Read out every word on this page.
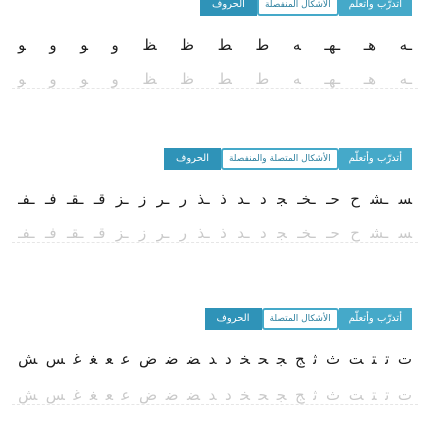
أتدرّب وأتعلّم
الأشكال المنفصلة
الحروف
ـﻪ
ﻫـ
ـﻬـ
ﻪ
ﻁ
ﻂ
ﻅ
ﻆ
ﻭ
ﻮ
ﻭ
ﻮ
ـﻪ
ﻫـ
ـﻬـ
ﻪ
ﻁ
ﻂ
ﻅ
ﻆ
ﻭ
ﻮ
ﻭ
ﻮ
أتدرّب وأتعلّم
الأشكال المتصلة والمنفصلة
الحروف
ﺴ
ـﺸ
ﺡ
ﺣـ
ـﺨـ
ﺠ
ﺩ
ـﺪ
ﺫ
ـﺬ
ﺭ
ـﺮ
ﺯ
ـﺰ
ﻗـ
ـﻘـ
ﻓـ
ـﻔـ
ﺴ
ـﺸ
ﺡ
ﺣـ
ـﺨـ
ﺠ
ﺩ
ـﺪ
ﺫ
ـﺬ
ﺭ
ـﺮ
ﺯ
ـﺰ
ﻗـ
ـﻘـ
ﻓـ
ـﻔـ
أتدرّب وأتعلّم
الأشكال المتصلة
الحروف
ﺕ
ﺗ
ﺘ
ﺖ
ﺙ
ﺛ
ﺞ
ﺠ
ﺤ
ﺨ
ﺩ
ﺪ
ﻀ
ﺿ
ﺽ
ﻋ
ﻌ
ﻐ
ﻏ
ﺲ
ﺶ
ﺕ
ﺗ
ﺘ
ﺖ
ﺙ
ﺛ
ﺞ
ﺠ
ﺤ
ﺨ
ﺩ
ﺪ
ﻀ
ﺿ
ﺽ
ﻋ
ﻌ
ﻐ
ﻏ
ﺲ
ﺶ
